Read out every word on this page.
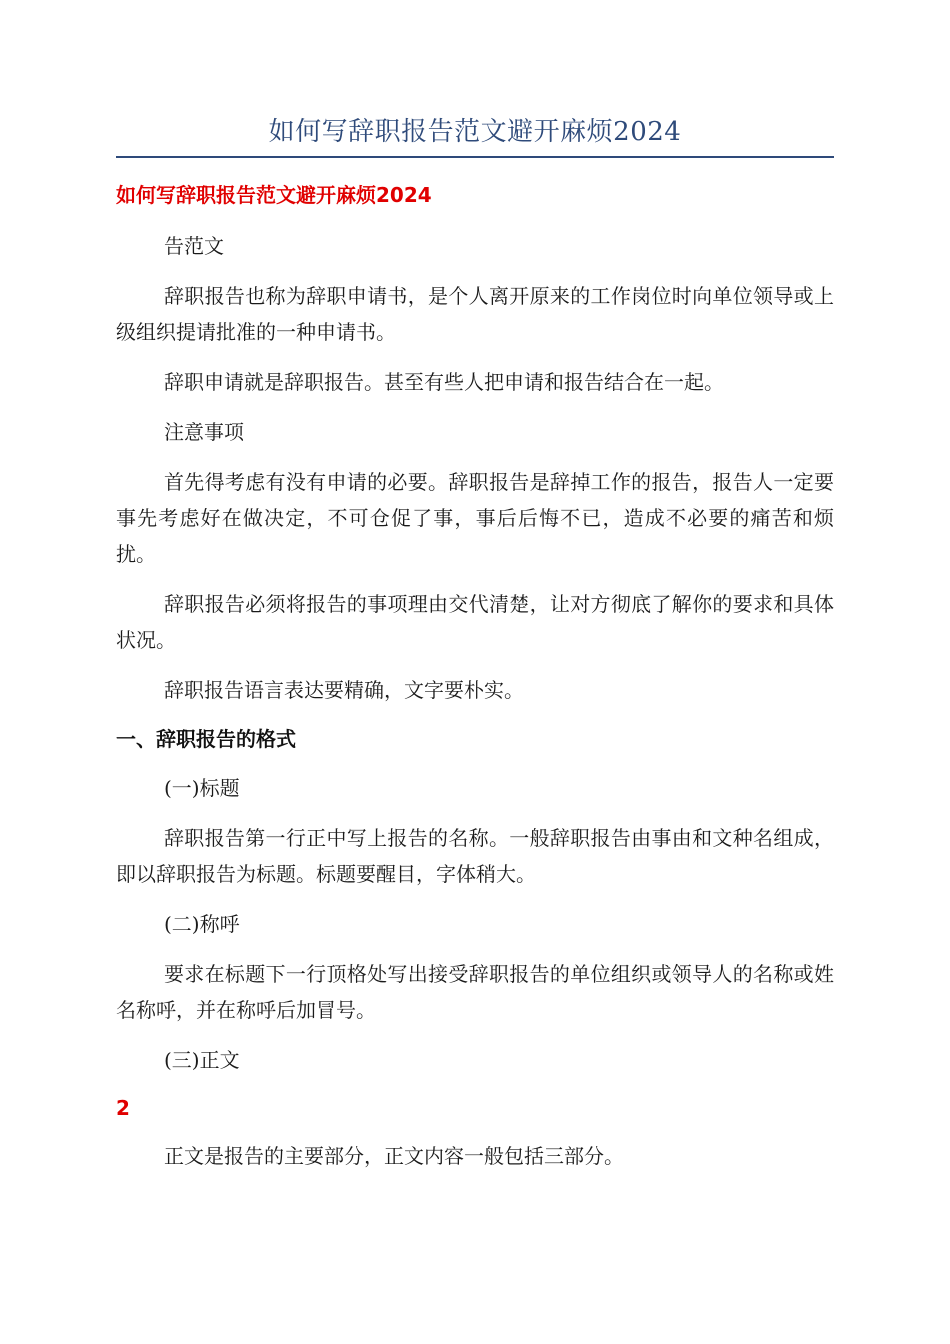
如何写辞职报告范文避开麻烦2024
如何写辞职报告范文避开麻烦2024

告范文

辞职报告也称为辞职申请书，是个人离开原来的工作岗位时向单位领导或上级组织提请批准的一种申请书。

辞职申请就是辞职报告。甚至有些人把申请和报告结合在一起。

注意事项

首先得考虑有没有申请的必要。辞职报告是辞掉工作的报告，报告人一定要事先考虑好在做决定，不可仓促了事，事后后悔不已，造成不必要的痛苦和烦扰。

辞职报告必须将报告的事项理由交代清楚，让对方彻底了解你的要求和具体状况。

辞职报告语言表达要精确，文字要朴实。

一、辞职报告的格式

(一)标题

辞职报告第一行正中写上报告的名称。一般辞职报告由事由和文种名组成，即以辞职报告为标题。标题要醒目，字体稍大。

(二)称呼

要求在标题下一行顶格处写出接受辞职报告的单位组织或领导人的名称或姓名称呼，并在称呼后加冒号。

(三)正文

2

正文是报告的主要部分，正文内容一般包括三部分。
